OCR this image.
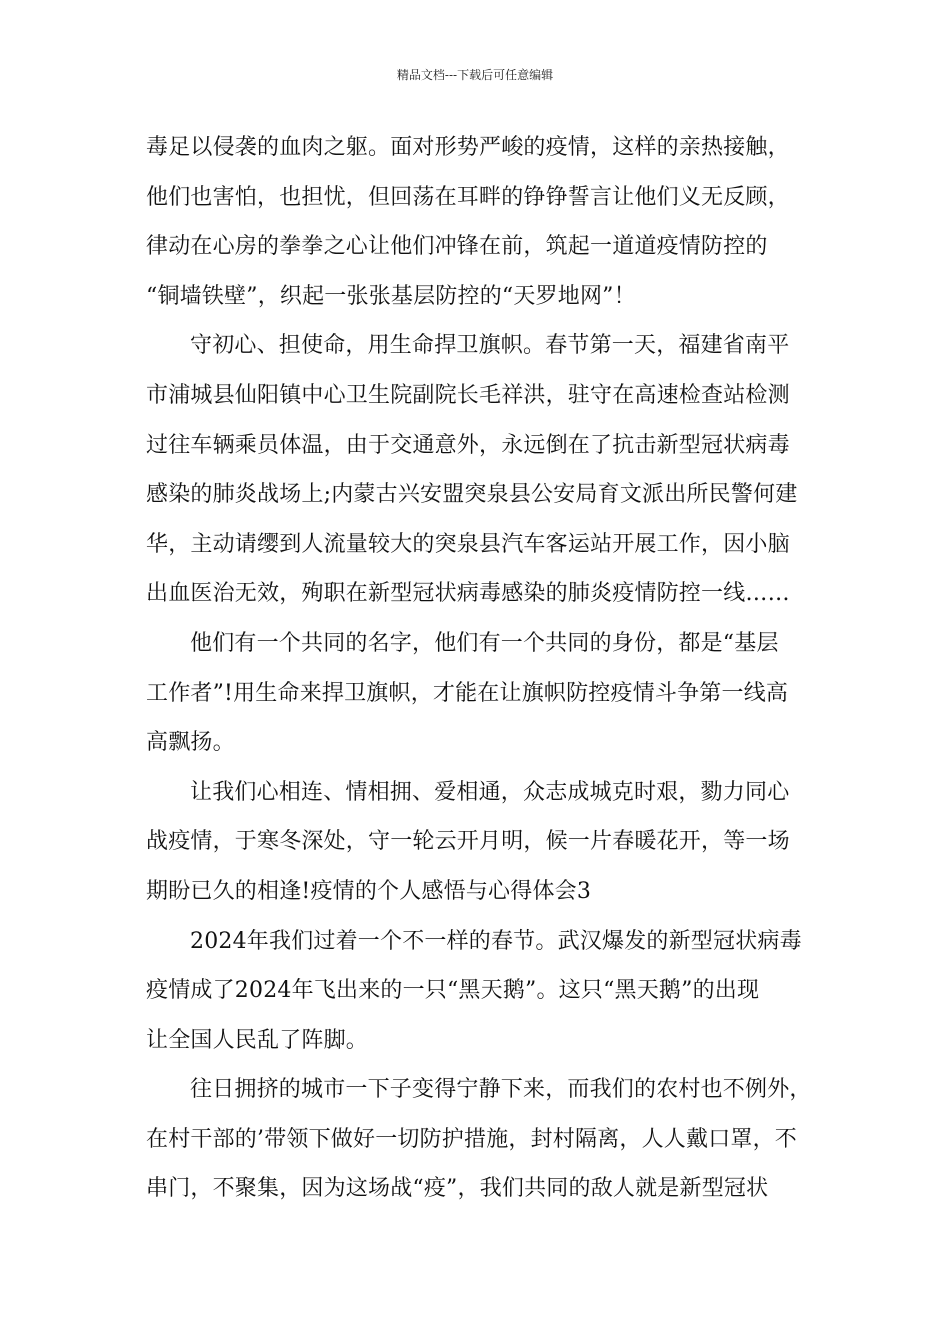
精品文档---下载后可任意编辑
毒足以侵袭的血肉之躯。面对形势严峻的疫情，这样的亲热接触，
他们也害怕，也担忧，但回荡在耳畔的铮铮誓言让他们义无反顾，
律动在心房的拳拳之心让他们冲锋在前，筑起一道道疫情防控的
“铜墙铁壁”，织起一张张基层防控的“天罗地网”！
守初心、担使命，用生命捍卫旗帜。春节第一天，福建省南平
市浦城县仙阳镇中心卫生院副院长毛祥洪，驻守在高速检查站检测
过往车辆乘员体温，由于交通意外，永远倒在了抗击新型冠状病毒
感染的肺炎战场上;内蒙古兴安盟突泉县公安局育文派出所民警何建
华，主动请缨到人流量较大的突泉县汽车客运站开展工作，因小脑
出血医治无效，殉职在新型冠状病毒感染的肺炎疫情防控一线……
他们有一个共同的名字，他们有一个共同的身份，都是“基层
工作者”!用生命来捍卫旗帜，才能在让旗帜防控疫情斗争第一线高
高飘扬。
让我们心相连、情相拥、爱相通，众志成城克时艰，勠力同心
战疫情，于寒冬深处，守一轮云开月明，候一片春暖花开，等一场
期盼已久的相逢!疫情的个人感悟与心得体会3
2024年我们过着一个不一样的春节。武汉爆发的新型冠状病毒
疫情成了2024年飞出来的一只“黑天鹅”。这只“黑天鹅”的出现
让全国人民乱了阵脚。
往日拥挤的城市一下子变得宁静下来，而我们的农村也不例外，
在村干部的’带领下做好一切防护措施，封村隔离，人人戴口罩，不
串门，不聚集，因为这场战“疫”，我们共同的敌人就是新型冠状
